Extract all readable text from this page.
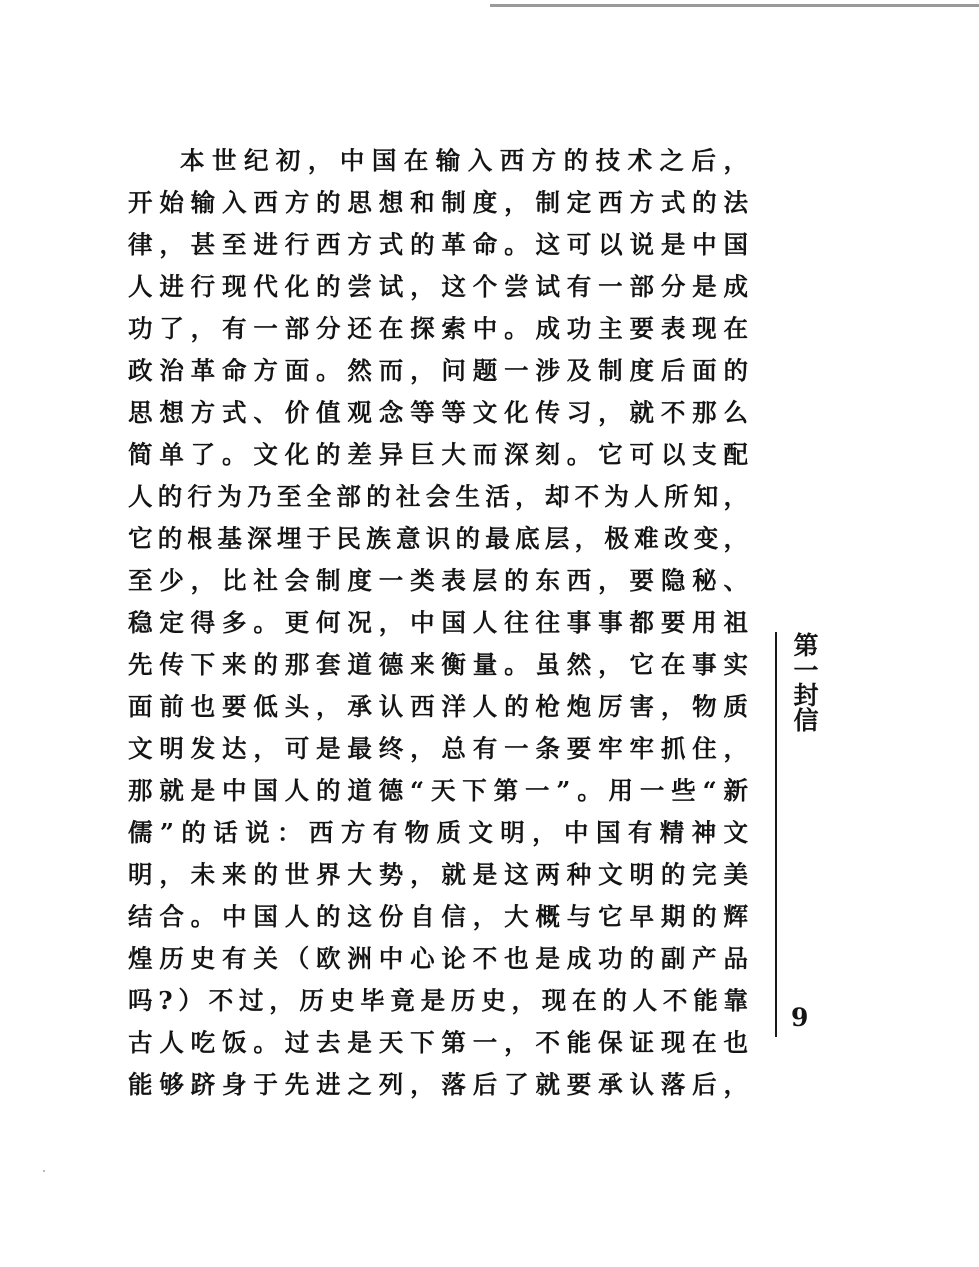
本世纪初，中国在输入西方的技术之后，
开始输入西方的思想和制度，制定西方式的法
律，甚至进行西方式的革命。这可以说是中国
人进行现代化的尝试，这个尝试有一部分是成
功了，有一部分还在探索中。成功主要表现在
政治革命方面。然而，问题一涉及制度后面的
思想方式、价值观念等等文化传习，就不那么
简单了。文化的差异巨大而深刻。它可以支配
人的行为乃至全部的社会生活，却不为人所知，
它的根基深埋于民族意识的最底层，极难改变，
至少，比社会制度一类表层的东西，要隐秘、
稳定得多。更何况，中国人往往事事都要用祖
先传下来的那套道德来衡量。虽然，它在事实
面前也要低头，承认西洋人的枪炮厉害，物质
文明发达，可是最终，总有一条要牢牢抓住，
那就是中国人的道德“天下第一”。用一些“新
儒”的话说：西方有物质文明，中国有精神文
明，未来的世界大势，就是这两种文明的完美
结合。中国人的这份自信，大概与它早期的辉
煌历史有关（欧洲中心论不也是成功的副产品
吗?）不过，历史毕竟是历史，现在的人不能靠
古人吃饭。过去是天下第一，不能保证现在也
能够跻身于先进之列，落后了就要承认落后，
第一封信
9
